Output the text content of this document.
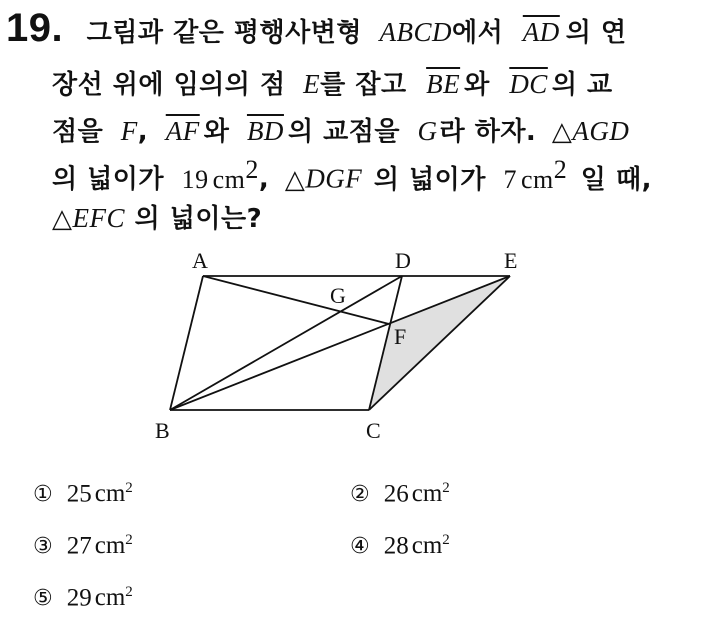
19. 그림과 같은 평행사변형 ABCD에서 $\overline{AD}$ 의 연
장선 위에 임의의 점 E를 잡고 $\overline{BE}$ 와 $\overline{DC}$ 의 교
점을 F, $\overline{AF}$ 와 $\overline{BD}$ 의 교점을 G라 하자. △AGD
의 넓이가 19 $cm^2$, △DGF 의 넓이가 7 $cm^2$ 일 때,
△EFC 의 넓이는?
A	D	E
G
F
B	C
① 25 $cm^2$	② 26 $cm^2$
③ 27 $cm^2$	④ 28 $cm^2$
⑤ 29 $cm^2$
